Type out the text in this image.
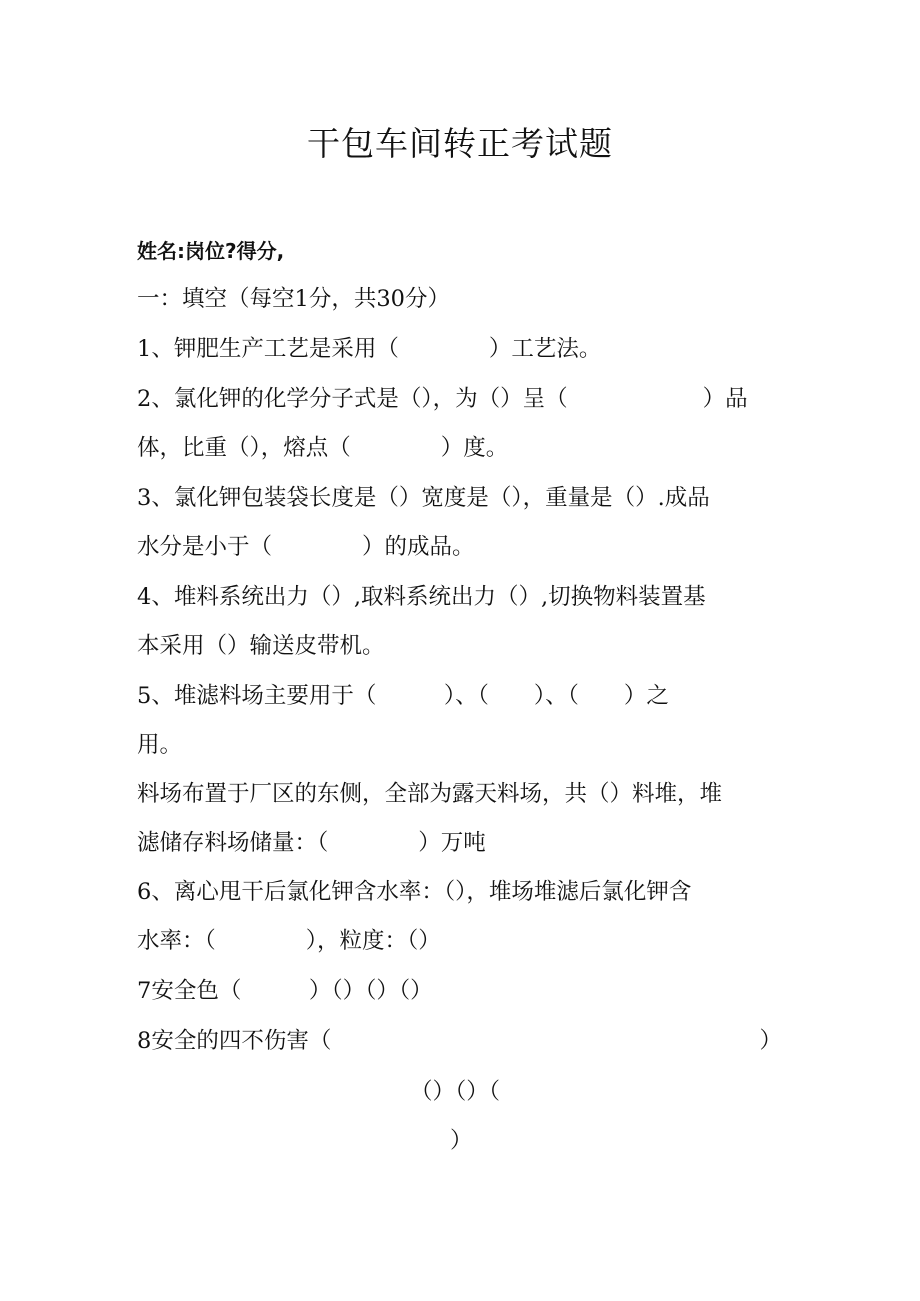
干包车间转正考试题
姓名:岗位?得分,
一：填空（每空1分，共30分）
1、钾肥生产工艺是采用（　　　　）工艺法。
2、氯化钾的化学分子式是（），为（）呈（　　　　　　）品
体，比重（），熔点（　　　　）度。
3、氯化钾包装袋长度是（）宽度是（），重量是（）.成品
水分是小于（　　　　）的成品。
4、堆料系统出力（）,取料系统出力（）,切换物料装置基
本采用（）输送皮带机。
5、堆滤料场主要用于（　　　）、（　　）、（　　）之
用。
料场布置于厂区的东侧，全部为露天料场，共（）料堆，堆
滤储存料场储量：（　　　　）万吨
6、离心甩干后氯化钾含水率：（），堆场堆滤后氯化钾含
水率：（　　　　），粒度：（）
7安全色（　　　）（）（）（）
8安全的四不伤害（	）
（）（）（
）
